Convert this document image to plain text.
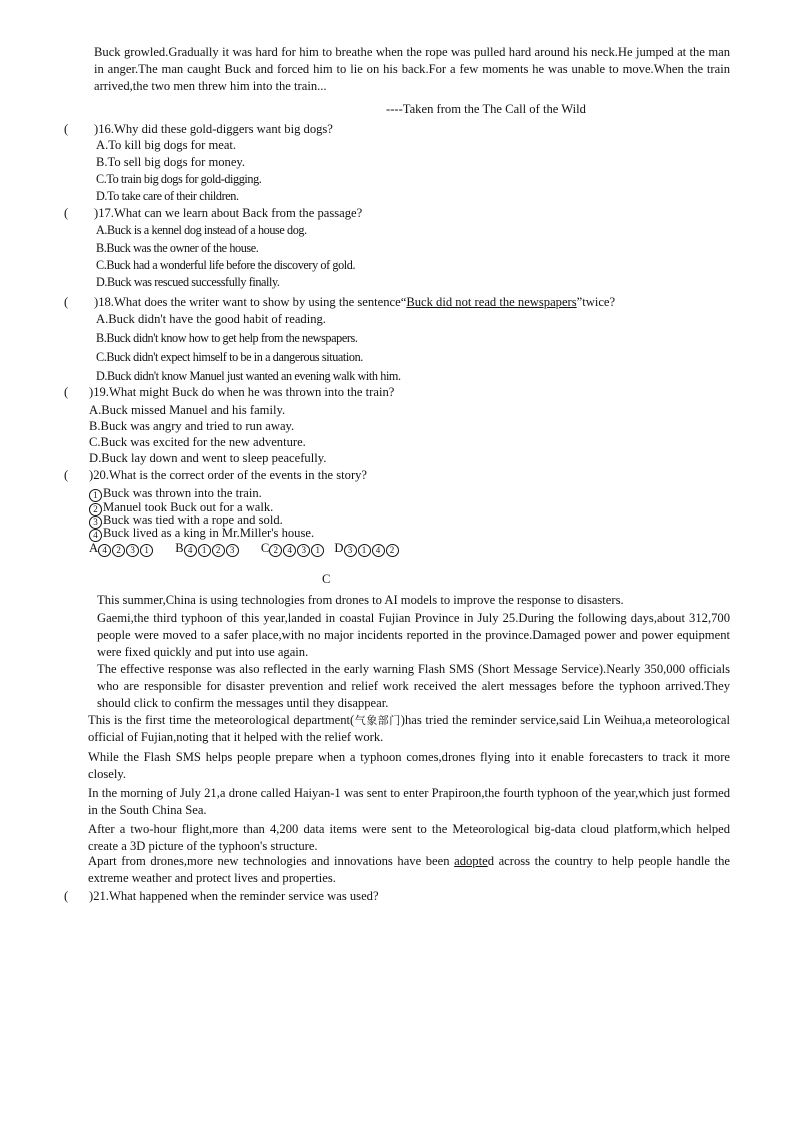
Buck growled.Gradually it was hard for him to breathe when the rope was pulled hard around his neck.He jumped at the man in anger.The man caught Buck and forced him to lie on his back.For a few moments he was unable to move.When the train arrived,the two men threw him into the train...
----Taken from the The Call of the Wild
( )16.Why did these gold-diggers want big dogs?
A.To kill big dogs for meat.
B.To sell big dogs for money.
C.To train big dogs for gold-digging.
D.To take care of their children.
( )17.What can we learn about Back from the passage?
A.Buck is a kennel dog instead of a house dog.
B.Buck was the owner of the house.
C.Buck had a wonderful life before the discovery of gold.
D.Buck was rescued successfully finally.
( )18.What does the writer want to show by using the sentence“Buck did not read the newspapers”twice?
A.Buck didn't have the good habit of reading.
B.Buck didn't know how to get help from the newspapers.
C.Buck didn't expect himself to be in a dangerous situation.
D.Buck didn't know Manuel just wanted an evening walk with him.
( )19.What might Buck do when he was thrown into the train?
A.Buck missed Manuel and his family.
B.Buck was angry and tried to run away.
C.Buck was excited for the new adventure.
D.Buck lay down and went to sleep peacefully.
( )20.What is the correct order of the events in the story?
1 Buck was thrown into the train.
2 Manuel took Buck out for a walk.
3 Buck was tied with a rope and sold.
4 Buck lived as a king in Mr.Miller's house.
A 4 2 3 1 B 4 1 2 3 C 2 4 3 1 D 3 1 4 2
C
This summer,China is using technologies from drones to AI models to improve the response to disasters.
Gaemi,the third typhoon of this year,landed in coastal Fujian Province in July 25.During the following days,about 312,700 people were moved to a safer place,with no major incidents reported in the province.Damaged power and power equipment were fixed quickly and put into use again.
The effective response was also reflected in the early warning Flash SMS (Short Message Service).Nearly 350,000 officials who are responsible for disaster prevention and relief work received the alert messages before the typhoon arrived.They should click to confirm the messages until they disappear.
This is the first time the meteorological department(气象部门)has tried the reminder service,said Lin Weihua,a meteorological official of Fujian,noting that it helped with the relief work.
While the Flash SMS helps people prepare when a typhoon comes,drones flying into it enable forecasters to track it more closely.
In the morning of July 21,a drone called Haiyan-1 was sent to enter Prapiroon,the fourth typhoon of the year,which just formed in the South China Sea.
After a two-hour flight,more than 4,200 data items were sent to the Meteorological big-data cloud platform,which helped create a 3D picture of the typhoon's structure.
Apart from drones,more new technologies and innovations have been adopted across the country to help people handle the extreme weather and protect lives and properties.
( )21.What happened when the reminder service was used?
